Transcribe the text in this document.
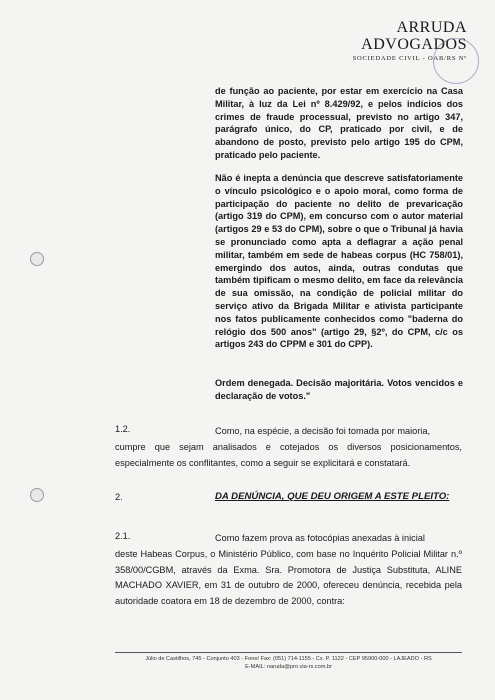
ARRUDA
ADVOGADOS
SOCIEDADE CIVIL - OAB/RS Nº

de função ao paciente, por estar em exercício na Casa Militar, à luz da Lei nº 8.429/92, e pelos indícios dos crimes de fraude processual, previsto no artigo 347, parágrafo único, do CP, praticado por civil, e de abandono de posto, previsto pelo artigo 195 do CPM, praticado pelo paciente.

Não é inepta a denúncia que descreve satisfatoriamente o vínculo psicológico e o apoio moral, como forma de participação do paciente no delito de prevaricação (artigo 319 do CPM), em concurso com o autor material (artigos 29 e 53 do CPM), sobre o que o Tribunal já havia se pronunciado como apta a deflagrar a ação penal militar, também em sede de habeas corpus (HC 758/01), emergindo dos autos, ainda, outras condutas que também tipificam o mesmo delito, em face da relevância de sua omissão, na condição de policial militar do serviço ativo da Brigada Militar e ativista participante nos fatos publicamente conhecidos como "baderna do relógio dos 500 anos" (artigo 29, §2º, do CPM, c/c os artigos 243 do CPPM e 301 do CPP).

Ordem denegada. Decisão majoritária. Votos vencidos e declaração de votos."

1.2.	Como, na espécie, a decisão foi tomada por maioria,
cumpre que sejam analisados e cotejados os diversos posicionamentos, especialmente os conflitantes, como a seguir se explicitará e constatará.
2.	DA DENÚNCIA, QUE DEU ORIGEM A ESTE PLEITO:
2.1.	Como fazem prova as fotocópias anexadas à inicial
deste Habeas Corpus, o Ministério Público, com base no Inquérito Policial Militar n.º 358/00/CGBM, através da Exma. Sra. Promotora de Justiça Substituta, ALINE MACHADO XAVIER, em 31 de outubro de 2000, ofereceu denúncia, recebida pela autoridade coatora em 18 de dezembro de 2000, contra:
Júlio de Castilhos, 745 - Conjunto 403 - Fone/ Fax: (051) 714-1155 - Cx. P. 1122 - CEP 95900-000 - LAJEADO - RS
E-MAIL: naruda@pro.via-rs.com.br
